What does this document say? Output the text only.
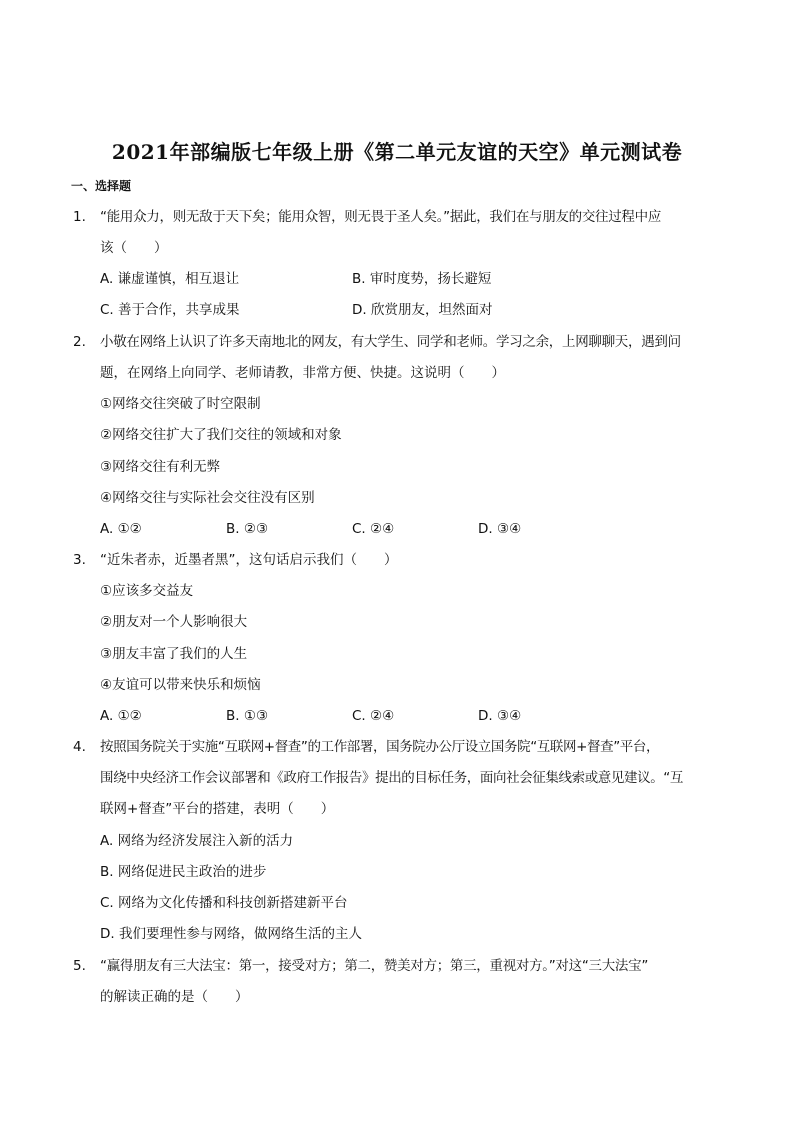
2021年部编版七年级上册《第二单元友谊的天空》单元测试卷
一、选择题
1. “能用众力，则无敌于天下矣；能用众智，则无畏于圣人矣。”据此，我们在与朋友的交往过程中应
该（　　）
A. 谦虚谨慎，相互退让	B. 审时度势，扬长避短
C. 善于合作，共享成果	D. 欣赏朋友，坦然面对
2. 小敬在网络上认识了许多天南地北的网友，有大学生、同学和老师。学习之余，上网聊聊天，遇到问
题，在网络上向同学、老师请教，非常方便、快捷。这说明（　　）
①网络交往突破了时空限制
②网络交往扩大了我们交往的领域和对象
③网络交往有利无弊
④网络交往与实际社会交往没有区别
A. ①②	B. ②③	C. ②④	D. ③④
3. “近朱者赤，近墨者黑”，这句话启示我们（　　）
①应该多交益友
②朋友对一个人影响很大
③朋友丰富了我们的人生
④友谊可以带来快乐和烦恼
A. ①②	B. ①③	C. ②④	D. ③④
4. 按照国务院关于实施“互联网+督查”的工作部署，国务院办公厅设立国务院“互联网+督查”平台，
围绕中央经济工作会议部署和《政府工作报告》提出的目标任务，面向社会征集线索或意见建议。“互
联网+督查”平台的搭建，表明（　　）
A. 网络为经济发展注入新的活力
B. 网络促进民主政治的进步
C. 网络为文化传播和科技创新搭建新平台
D. 我们要理性参与网络，做网络生活的主人
5. “赢得朋友有三大法宝：第一，接受对方；第二，赞美对方；第三，重视对方。”对这“三大法宝”
的解读正确的是（　　）
